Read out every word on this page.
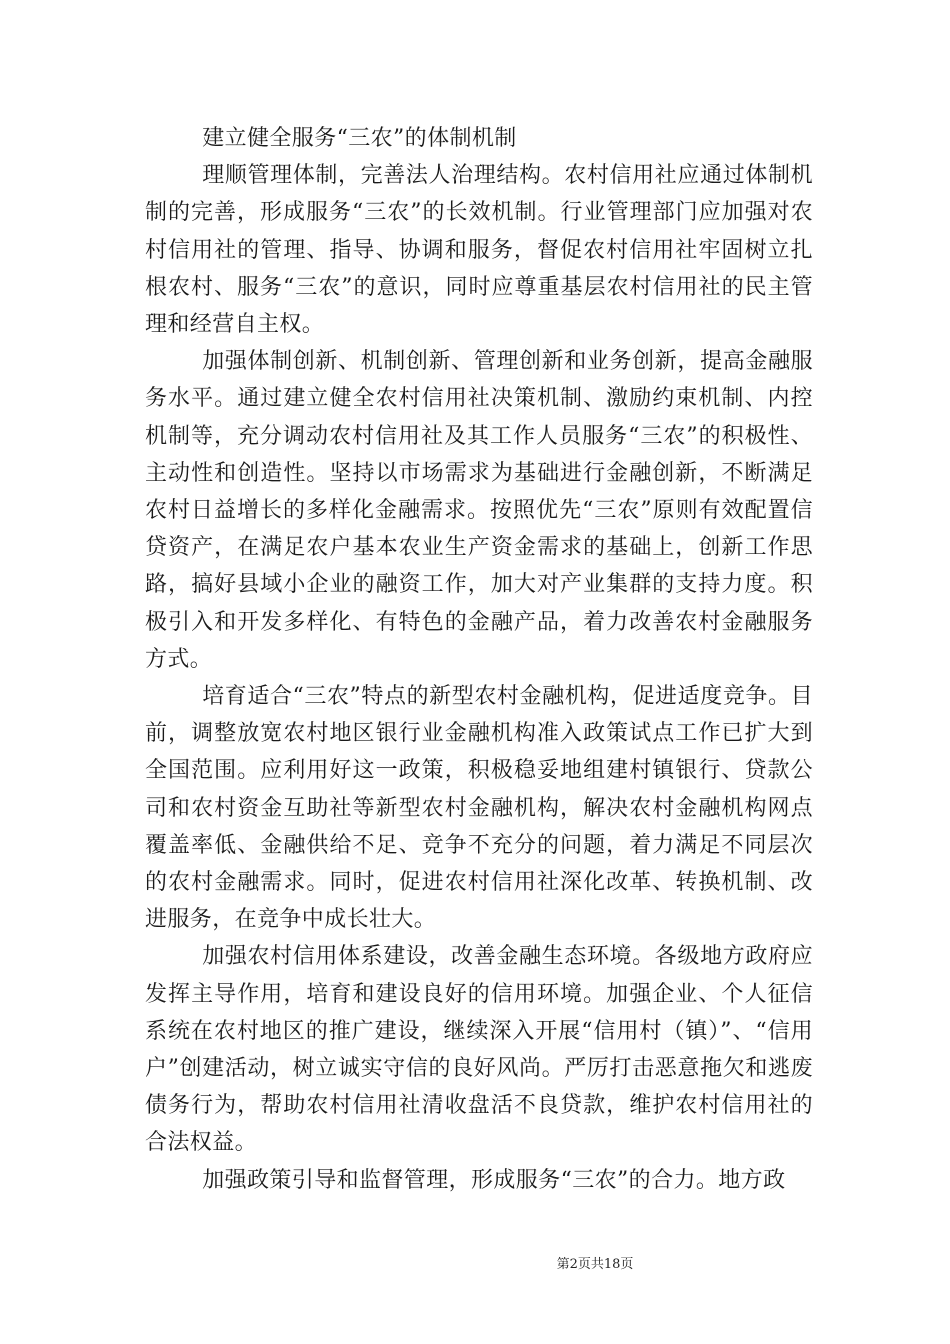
建立健全服务“三农”的体制机制

理顺管理体制，完善法人治理结构。农村信用社应通过体制机制的完善，形成服务“三农”的长效机制。行业管理部门应加强对农村信用社的管理、指导、协调和服务，督促农村信用社牢固树立扎根农村、服务“三农”的意识，同时应尊重基层农村信用社的民主管理和经营自主权。

加强体制创新、机制创新、管理创新和业务创新，提高金融服务水平。通过建立健全农村信用社决策机制、激励约束机制、内控机制等，充分调动农村信用社及其工作人员服务“三农”的积极性、主动性和创造性。坚持以市场需求为基础进行金融创新，不断满足农村日益增长的多样化金融需求。按照优先“三农”原则有效配置信贷资产，在满足农户基本农业生产资金需求的基础上，创新工作思路，搞好县域小企业的融资工作，加大对产业集群的支持力度。积极引入和开发多样化、有特色的金融产品，着力改善农村金融服务方式。

培育适合“三农”特点的新型农村金融机构，促进适度竞争。目前，调整放宽农村地区银行业金融机构准入政策试点工作已扩大到全国范围。应利用好这一政策，积极稳妥地组建村镇银行、贷款公司和农村资金互助社等新型农村金融机构，解决农村金融机构网点覆盖率低、金融供给不足、竞争不充分的问题，着力满足不同层次的农村金融需求。同时，促进农村信用社深化改革、转换机制、改进服务，在竞争中成长壮大。

加强农村信用体系建设，改善金融生态环境。各级地方政府应发挥主导作用，培育和建设良好的信用环境。加强企业、个人征信系统在农村地区的推广建设，继续深入开展“信用村（镇）”、“信用户”创建活动，树立诚实守信的良好风尚。严厉打击恶意拖欠和逃废债务行为，帮助农村信用社清收盘活不良贷款，维护农村信用社的合法权益。

加强政策引导和监督管理，形成服务“三农”的合力。地方政

第2页共18页
